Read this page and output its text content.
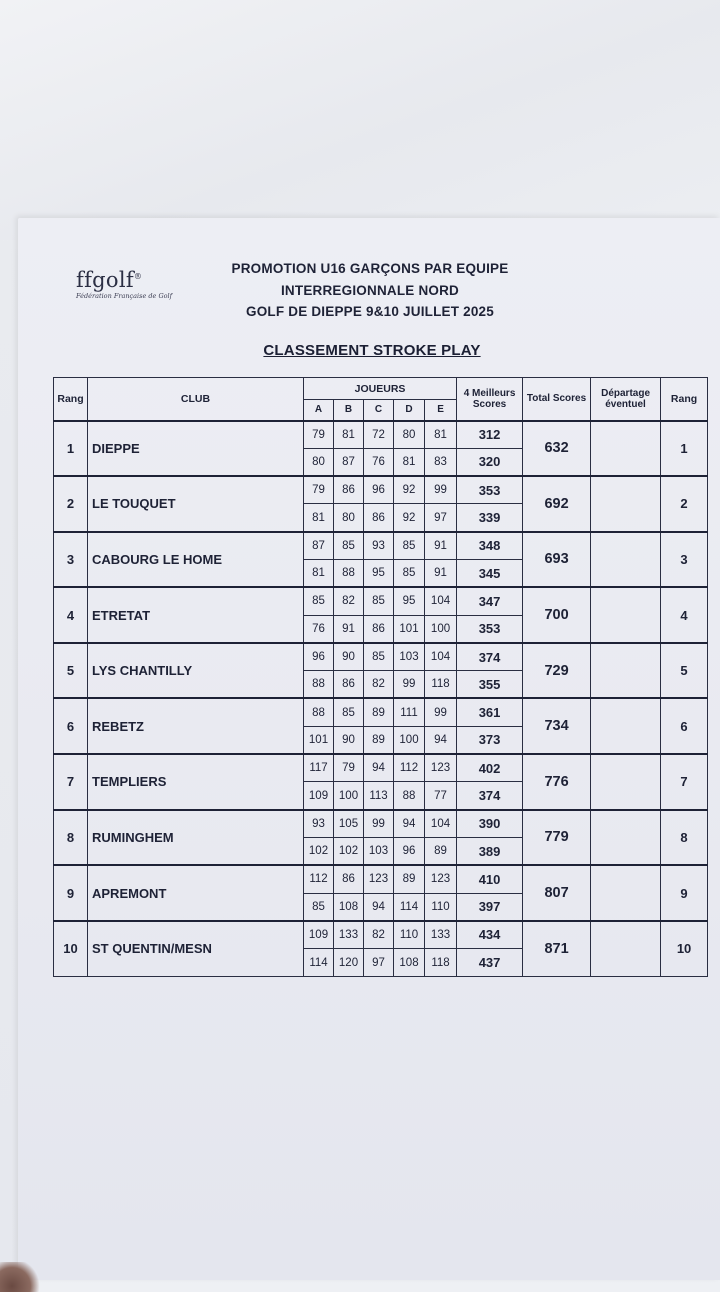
ffgolf®
Fédération Française de Golf
PROMOTION U16 GARÇONS PAR EQUIPE
INTERREGIONNALE NORD
GOLF DE DIEPPE 9&10 JUILLET 2025
CLASSEMENT STROKE PLAY
Rang	CLUB	JOUEURS					4 Meilleurs Scores	Total Scores	Départage éventuel	Rang
		A	B	C	D	E				
1	DIEPPE	79	81	72	80	81	312	632		1
		80	87	76	81	83	320			
2	LE TOUQUET	79	86	96	92	99	353	692		2
		81	80	86	92	97	339			
3	CABOURG LE HOME	87	85	93	85	91	348	693		3
		81	88	95	85	91	345			
4	ETRETAT	85	82	85	95	104	347	700		4
		76	91	86	101	100	353			
5	LYS CHANTILLY	96	90	85	103	104	374	729		5
		88	86	82	99	118	355			
6	REBETZ	88	85	89	111	99	361	734		6
		101	90	89	100	94	373			
7	TEMPLIERS	117	79	94	112	123	402	776		7
		109	100	113	88	77	374			
8	RUMINGHEM	93	105	99	94	104	390	779		8
		102	102	103	96	89	389			
9	APREMONT	112	86	123	89	123	410	807		9
		85	108	94	114	110	397			
10	ST QUENTIN/MESN	109	133	82	110	133	434	871		10
		114	120	97	108	118	437			
